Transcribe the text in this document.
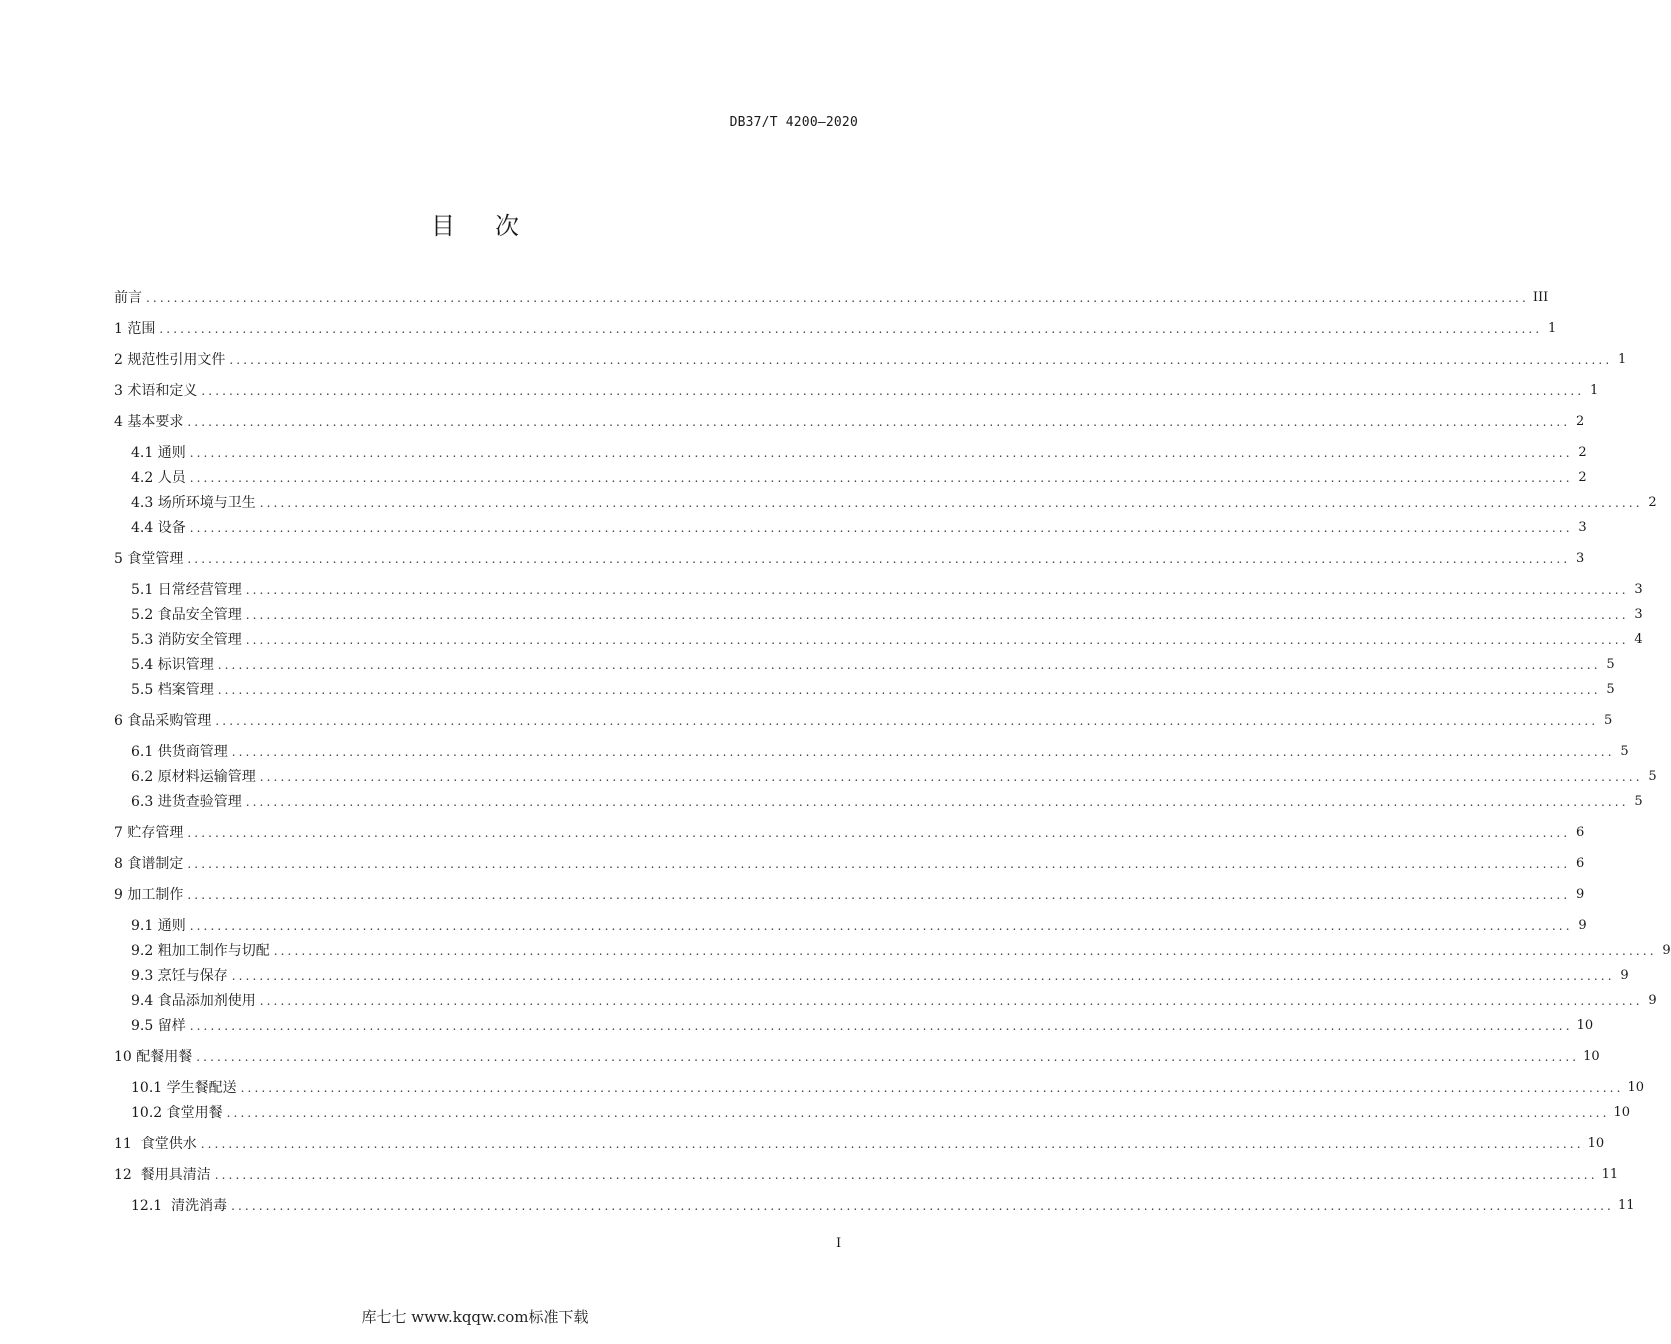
DB37/T 4200—2020
目次
前言 ........................................................................................................................................................................................................ III
1 范围 ........................................................................................................................................................................................................ 1
2 规范性引用文件 ........................................................................................................................................................................................................ 1
3 术语和定义 ........................................................................................................................................................................................................ 1
4 基本要求 ........................................................................................................................................................................................................ 2
4.1 通则 ........................................................................................................................................................................................................ 2
4.2 人员 ........................................................................................................................................................................................................ 2
4.3 场所环境与卫生 ........................................................................................................................................................................................................ 2
4.4 设备 ........................................................................................................................................................................................................ 3
5 食堂管理 ........................................................................................................................................................................................................ 3
5.1 日常经营管理 ........................................................................................................................................................................................................ 3
5.2 食品安全管理 ........................................................................................................................................................................................................ 3
5.3 消防安全管理 ........................................................................................................................................................................................................ 4
5.4 标识管理 ........................................................................................................................................................................................................ 5
5.5 档案管理 ........................................................................................................................................................................................................ 5
6 食品采购管理 ........................................................................................................................................................................................................ 5
6.1 供货商管理 ........................................................................................................................................................................................................ 5
6.2 原材料运输管理 ........................................................................................................................................................................................................ 5
6.3 进货查验管理 ........................................................................................................................................................................................................ 5
7 贮存管理 ........................................................................................................................................................................................................ 6
8 食谱制定 ........................................................................................................................................................................................................ 6
9 加工制作 ........................................................................................................................................................................................................ 9
9.1 通则 ........................................................................................................................................................................................................ 9
9.2 粗加工制作与切配 ........................................................................................................................................................................................................ 9
9.3 烹饪与保存 ........................................................................................................................................................................................................ 9
9.4 食品添加剂使用 ........................................................................................................................................................................................................ 9
9.5 留样 ........................................................................................................................................................................................................ 10
10 配餐用餐 ........................................................................................................................................................................................................ 10
10.1 学生餐配送 ........................................................................................................................................................................................................ 10
10.2 食堂用餐 ........................................................................................................................................................................................................ 10
11  食堂供水 ........................................................................................................................................................................................................ 10
12  餐用具清洁 ........................................................................................................................................................................................................ 11
12.1  清洗消毒 ........................................................................................................................................................................................................ 11
I
库七七 www.kqqw.com标准下载
